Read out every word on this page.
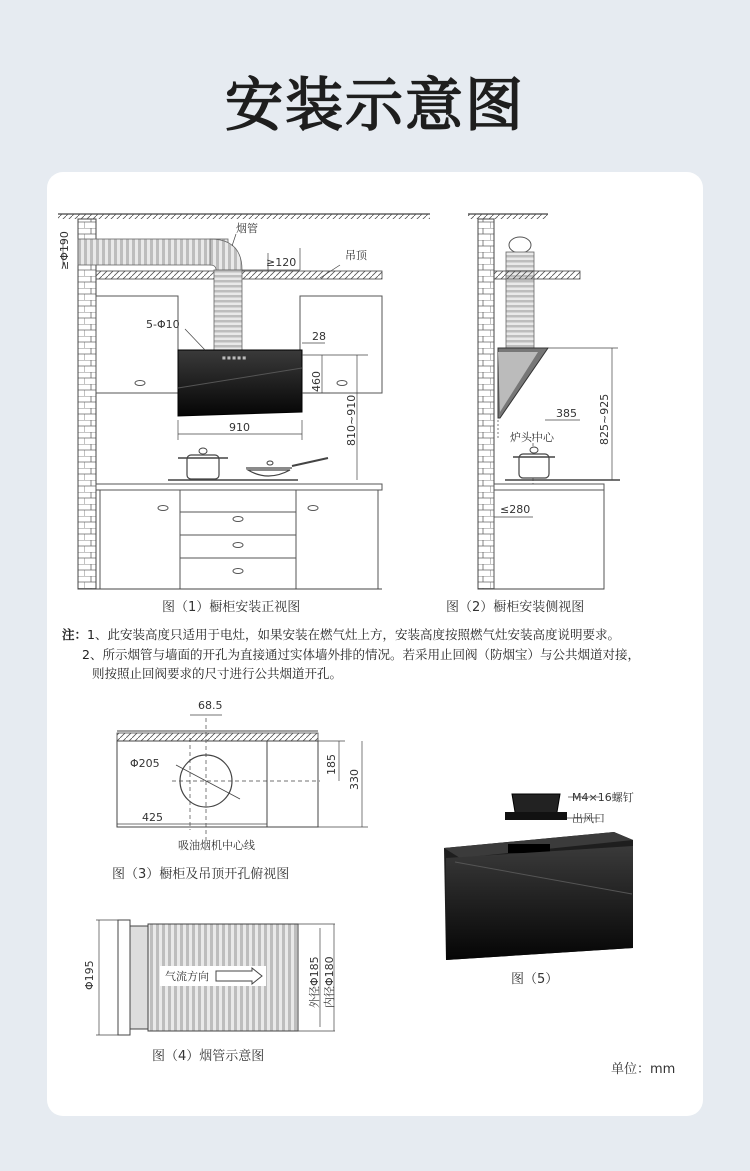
安装示意图
■ ■ ■ ■ ■
烟管
吊顶
≥Φ190	≥120
5-Φ10
28
460
810~910
910
图（1）橱柜安装正视图
385 825~925
炉头中心
≤280
图（2）橱柜安装侧视图
68.5
Φ205	185
330
425
吸油烟机中心线
图（3）橱柜及吊顶开孔俯视图
Φ195	气流方向	外径Φ185 内径Φ180
图（4）烟管示意图
M4×16螺钉
出风口
图（5）
单位：mm
注：1、此安装高度只适用于电灶，如果安装在燃气灶上方，安装高度按照燃气灶安装高度说明要求。
2、所示烟管与墙面的开孔为直接通过实体墙外排的情况。若采用止回阀（防烟宝）与公共烟道对接，
则按照止回阀要求的尺寸进行公共烟道开孔。
